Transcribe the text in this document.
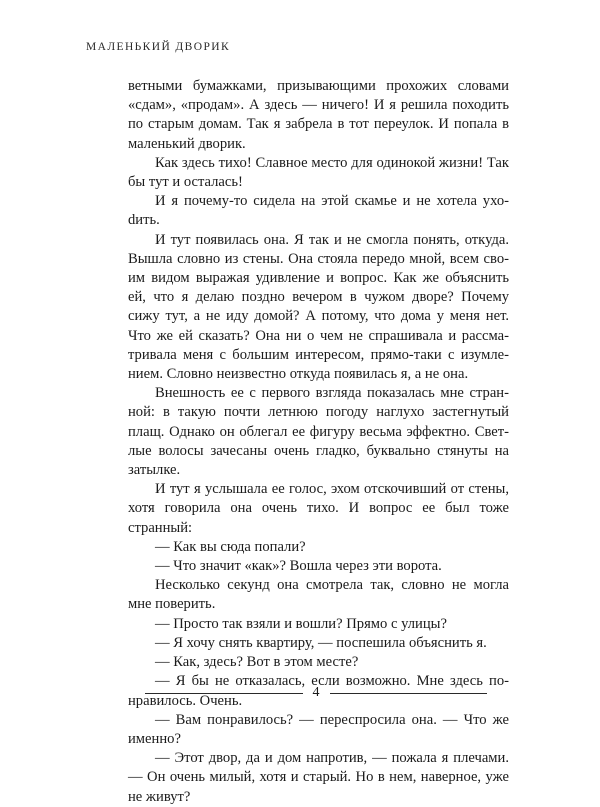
МАЛЕНЬКИЙ ДВОРИК

ветными бумажками, призывающими прохожих словами «сдам», «продам». А здесь — ничего! И я решила походить по старым домам. Так я забрела в тот переулок. И попала в маленький дворик.

Как здесь тихо! Славное место для одинокой жизни! Так бы тут и осталась!

И я почему-то сидела на этой скамье и не хотела ухоdить.

И тут появилась она. Я так и не смогла понять, откуда. Вышла словно из стены. Она стояла передо мной, всем своим видом выражая удивление и вопрос. Как же объяснить ей, что я делаю поздно вечером в чужом дворе? Почему сижу тут, а не иду домой? А потому, что дома у меня нет. Что же ей сказать? Она ни о чем не спрашивала и рассматривала меня с большим интересом, прямо-таки с изумлением. Словно неизвестно откуда появилась я, а не она.

Внешность ее с первого взгляда показалась мне странной: в такую почти летнюю погоду наглухо застегнутый плащ. Однако он облегал ее фигуру весьма эффектно. Светлые волосы зачесаны очень гладко, буквально стянуты на затылке.

И тут я услышала ее голос, эхом отскочивший от стены, хотя говорила она очень тихо. И вопрос ее был тоже странный:

— Как вы сюда попали?

— Что значит «как»? Вошла через эти ворота.

Несколько секунд она смотрела так, словно не могла мне поверить.

— Просто так взяли и вошли? Прямо с улицы?

— Я хочу снять квартиру, — поспешила объяснить я.

— Как, здесь? Вот в этом месте?

— Я бы не отказалась, если возможно. Мне здесь понравилось. Очень.

— Вам понравилось? — переспросила она. — Что же именно?

— Этот двор, да и дом напротив, — пожала я плечами. — Он очень милый, хотя и старый. Но в нем, наверное, уже не живут?

4
